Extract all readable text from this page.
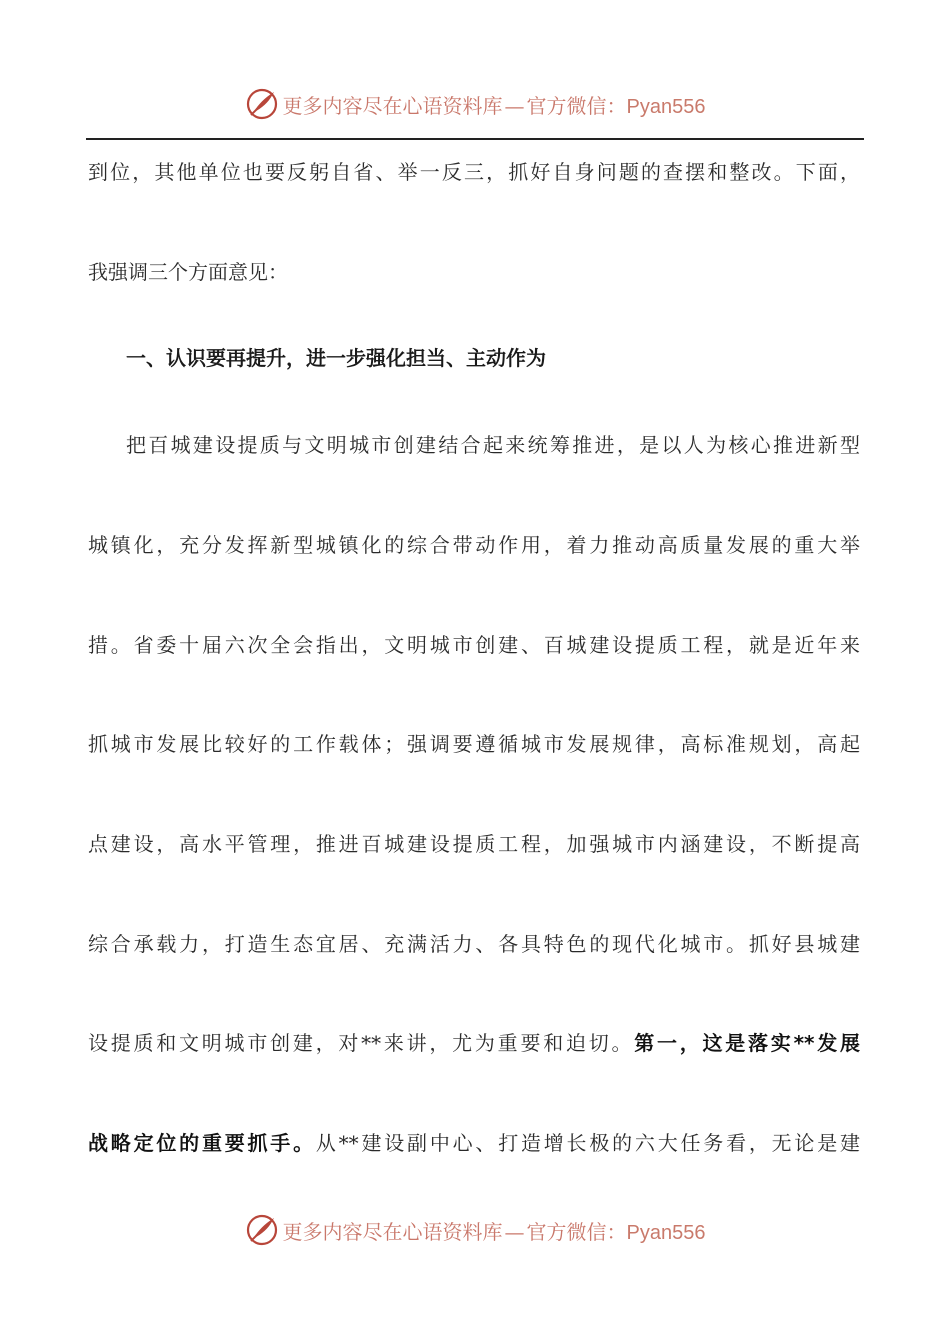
更多内容尽在心语资料库 — 官方微信：Pyan556
到位，其他单位也要反躬自省、举一反三，抓好自身问题的查摆和整改。下面，
我强调三个方面意见：
一、认识要再提升，进一步强化担当、主动作为
把百城建设提质与文明城市创建结合起来统筹推进，是以人为核心推进新型
城镇化，充分发挥新型城镇化的综合带动作用，着力推动高质量发展的重大举
措。省委十届六次全会指出，文明城市创建、百城建设提质工程，就是近年来
抓城市发展比较好的工作载体；强调要遵循城市发展规律，高标准规划，高起
点建设，高水平管理，推进百城建设提质工程，加强城市内涵建设，不断提高
综合承载力，打造生态宜居、充满活力、各具特色的现代化城市。抓好县城建
设提质和文明城市创建，对**来讲，尤为重要和迫切。第一，这是落实**发展
战略定位的重要抓手。从**建设副中心、打造增长极的六大任务看，无论是建
更多内容尽在心语资料库 — 官方微信：Pyan556
